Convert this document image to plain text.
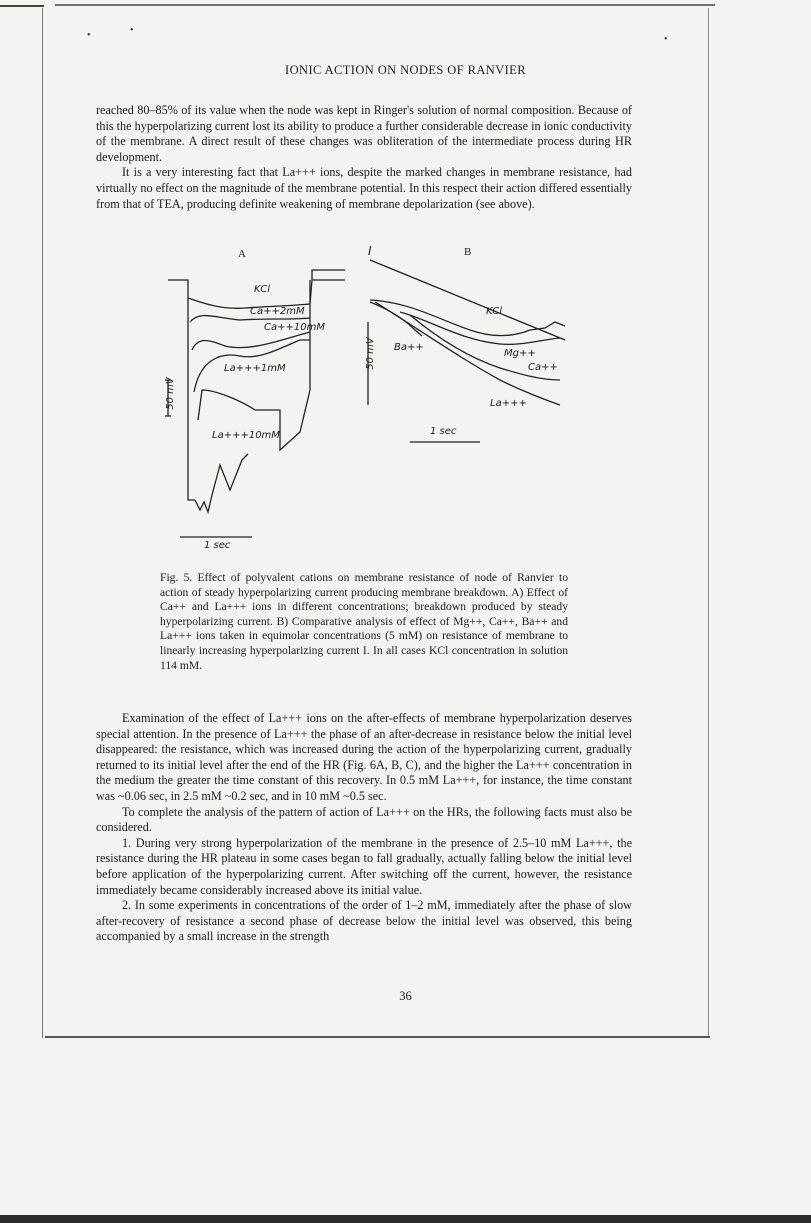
•	•
•
IONIC ACTION ON NODES OF RANVIER

reached 80–85% of its value when the node was kept in Ringer's solution of normal composition. Because of this the hyperpolarizing current lost its ability to produce a further considerable decrease in ionic conductivity of the membrane. A direct result of these changes was obliteration of the intermediate process during HR development.

It is a very interesting fact that La+++ ions, despite the marked changes in membrane resistance, had virtually no effect on the magnitude of the membrane potential. In this respect their action differed essentially from that of TEA, producing definite weakening of membrane depolarization (see above).

A	B
I
KCl
Ca++2mM
Ca++10mM
La+++1mM
La+++10mM
KCl
Ba++
Mg++
Ca++
La+++
50 mV
50 mV
1 sec
1 sec
Fig. 5. Effect of polyvalent cations on membrane resistance of node of Ranvier to action of steady hyperpolarizing current producing membrane breakdown. A) Effect of Ca++ and La+++ ions in different concentrations; breakdown produced by steady hyperpolarizing current. B) Comparative analysis of effect of Mg++, Ca++, Ba++ and La+++ ions taken in equimolar concentrations (5 mM) on resistance of membrane to linearly increasing hyperpolarizing current I. In all cases KCl concentration in solution 114 mM.

Examination of the effect of La+++ ions on the after-effects of membrane hyperpolarization deserves special attention. In the presence of La+++ the phase of an after-decrease in resistance below the initial level disappeared: the resistance, which was increased during the action of the hyperpolarizing current, gradually returned to its initial level after the end of the HR (Fig. 6A, B, C), and the higher the La+++ concentration in the medium the greater the time constant of this recovery. In 0.5 mM La+++, for instance, the time constant was ~0.06 sec, in 2.5 mM ~0.2 sec, and in 10 mM ~0.5 sec.

To complete the analysis of the pattern of action of La+++ on the HRs, the following facts must also be considered.

1. During very strong hyperpolarization of the membrane in the presence of 2.5–10 mM La+++, the resistance during the HR plateau in some cases began to fall gradually, actually falling below the initial level before application of the hyperpolarizing current. After switching off the current, however, the resistance immediately became considerably increased above its initial value.

2. In some experiments in concentrations of the order of 1–2 mM, immediately after the phase of slow after-recovery of resistance a second phase of decrease below the initial level was observed, this being accompanied by a small increase in the strength

36
